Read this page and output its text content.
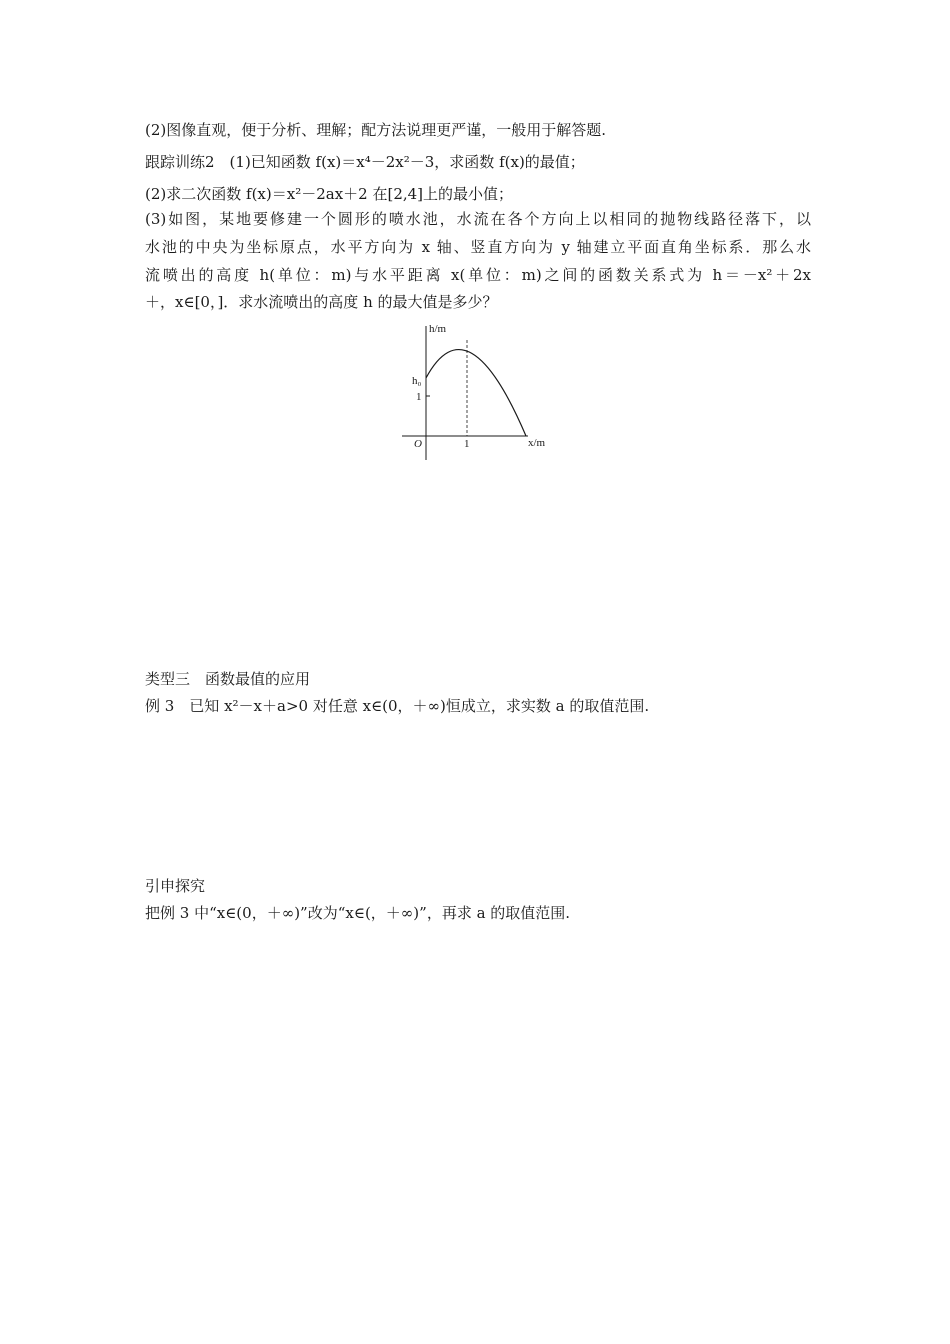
(2)图像直观，便于分析、理解；配方法说理更严谨，一般用于解答题.
跟踪训练2　(1)已知函数 f(x)＝x⁴－2x²－3，求函数 f(x)的最值；
(2)求二次函数 f(x)＝x²－2ax＋2 在[2,4]上的最小值；
(3)如图，某地要修建一个圆形的喷水池，水流在各个方向上以相同的抛物线路径落下，以
水池的中央为坐标原点，水平方向为 x 轴、竖直方向为 y 轴建立平面直角坐标系．那么水
流喷出的高度 h(单位：m)与水平距离 x(单位：m)之间的函数关系式为 h＝－x²＋2x
＋，x∈[0，]．求水流喷出的高度 h 的最大值是多少？
h/m
h₀
1
O	1	x/m
类型三　函数最值的应用
例 3　已知 x²－x＋a>0 对任意 x∈(0，＋∞)恒成立，求实数 a 的取值范围.
引申探究
把例 3 中“x∈(0，＋∞)”改为“x∈(，＋∞)”，再求 a 的取值范围.
